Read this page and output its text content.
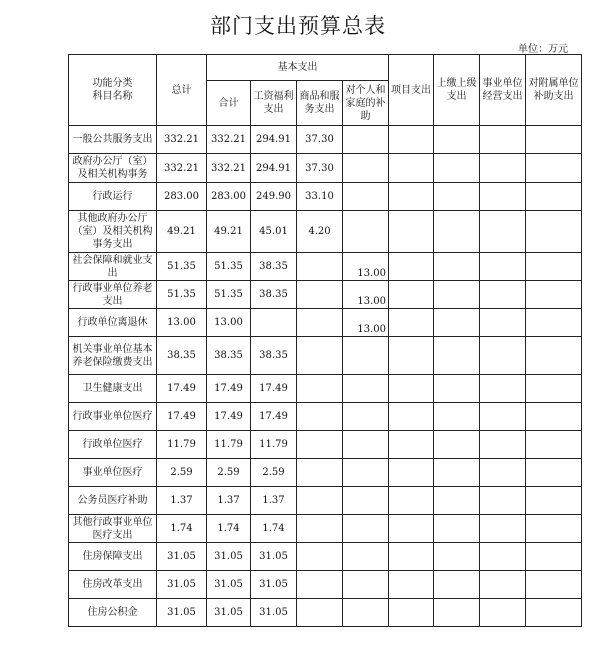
部门支出预算总表
单位：万元
功能分类
科目名称	总计	基本支出				项目支出	上缴上级支出	事业单位经营支出	对附属单位补助支出
		合计	工资福利支出	商品和服务支出	对个人和家庭的补助				
一般公共服务支出	332.21	332.21	294.91	37.30					
政府办公厅（室）及相关机构事务	332.21	332.21	294.91	37.30					
行政运行	283.00	283.00	249.90	33.10					
其他政府办公厅（室）及相关机构事务支出	49.21	49.21	45.01	4.20					
社会保障和就业支出	51.35	51.35	38.35		13.00				
行政事业单位养老支出	51.35	51.35	38.35		13.00				
行政单位离退休	13.00	13.00			13.00				
机关事业单位基本养老保险缴费支出	38.35	38.35	38.35						
卫生健康支出	17.49	17.49	17.49						
行政事业单位医疗	17.49	17.49	17.49						
行政单位医疗	11.79	11.79	11.79						
事业单位医疗	2.59	2.59	2.59						
公务员医疗补助	1.37	1.37	1.37						
其他行政事业单位医疗支出	1.74	1.74	1.74						
住房保障支出	31.05	31.05	31.05						
住房改革支出	31.05	31.05	31.05						
住房公积金	31.05	31.05	31.05						
